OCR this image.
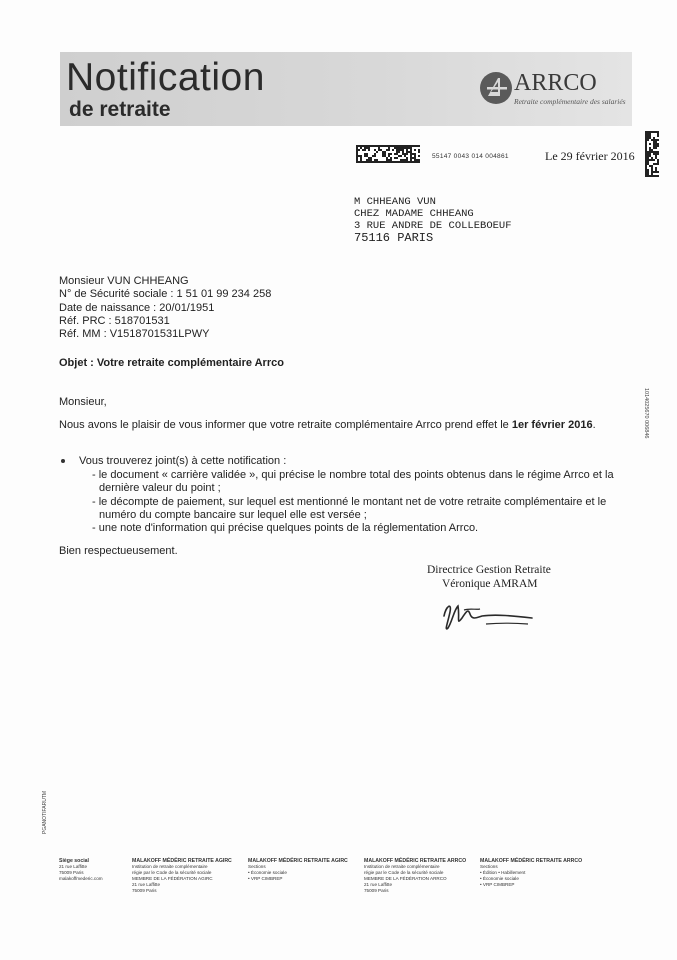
Notification
de retraite
ARRCO
Retraite complémentaire des salariés
55147 0043 014 004861	Le 29 février 2016
M CHHEANG VUN
CHEZ MADAME CHHEANG
3 RUE ANDRE DE COLLEBOEUF
75116 PARIS
Monsieur VUN CHHEANG
N° de Sécurité sociale : 1 51 01 99 234 258
Date de naissance : 20/01/1951
Réf. PRC : 518701531
Réf. MM : V1518701531LPWY
Objet : Votre retraite complémentaire Arrco
Monsieur,
Nous avons le plaisir de vous informer que votre retraite complémentaire Arrco prend effet le 1er février 2016.
Vous trouverez joint(s) à cette notification :
- le document « carrière validée », qui précise le nombre total des points obtenus dans le régime Arrco et la
dernière valeur du point ;
- le décompte de paiement, sur lequel est mentionné le montant net de votre retraite complémentaire et le
numéro du compte bancaire sur lequel elle est versée ;
- une note d'information qui précise quelques points de la réglementation Arrco.
Bien respectueusement.
Directrice Gestion Retraite
Véronique AMRAM
1014025670 006846
PGANOTIFARUTM
Siège social
21 rue Laffitte
75009 Paris
malakoffmederic.com
MALAKOFF MÉDÉRIC RETRAITE AGIRC
Institution de retraite complémentaire
régie par le Code de la sécurité sociale
MEMBRE DE LA FÉDÉRATION AGIRC
21 rue Laffitte
75009 Paris
MALAKOFF MÉDÉRIC RETRAITE AGIRC
Sections
• Économie sociale
• VRP CIMBREP
MALAKOFF MÉDÉRIC RETRAITE ARRCO
Institution de retraite complémentaire
régie par le Code de la sécurité sociale
MEMBRE DE LA FÉDÉRATION ARRCO
21 rue Laffitte
75009 Paris
MALAKOFF MÉDÉRIC RETRAITE ARRCO
Sections
• Édition • Habillement
• Économie sociale
• VRP CIMBREP
